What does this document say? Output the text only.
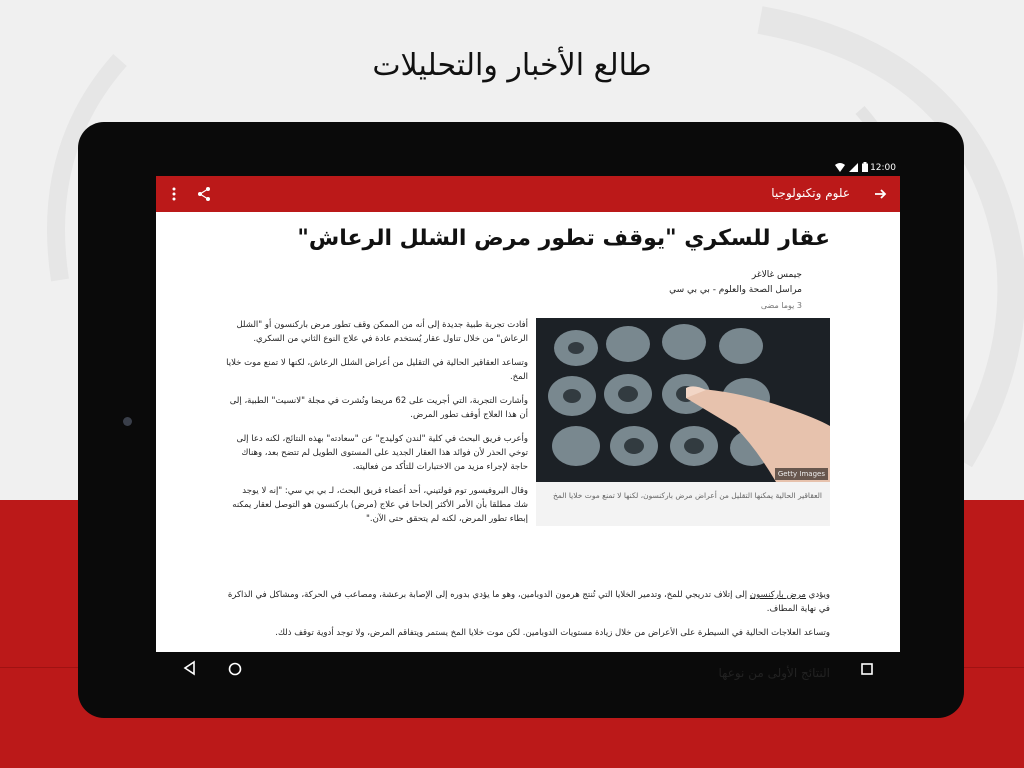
طالع الأخبار والتحليلات
12:00
علوم وتكنولوجيا
عقار للسكري "يوقف تطور مرض الشلل الرعاش"
جيمس غالاغر
مراسل الصحة والعلوم - بي بي سي
3 يوما مضى
Getty Images
العقاقير الحالية يمكنها التقليل من أعراض مرض باركنسون، لكنها لا تمنع موت خلايا المخ

أفادت تجربة طبية جديدة إلى أنه من الممكن وقف تطور مرض باركنسون أو "الشلل الرعاش" من خلال تناول عقار يُستخدم عادة في علاج النوع الثاني من السكري.

وتساعد العقاقير الحالية في التقليل من أعراض الشلل الرعاش، لكنها لا تمنع موت خلايا المخ.

وأشارت التجربة، التي أجريت على 62 مريضا ونُشرت في مجلة "لانسيت" الطبية، إلى أن هذا العلاج أوقف تطور المرض.

وأعرب فريق البحث في كلية "لندن كوليدج" عن "سعادته" بهذه النتائج، لكنه دعا إلى توخي الحذر لأن فوائد هذا العقار الجديد على المستوى الطويل لم تتضح بعد، وهناك حاجة لإجراء مزيد من الاختبارات للتأكد من فعاليته.

وقال البروفيسور توم فولتيني، أحد أعضاء فريق البحث، لـ بي بي سي: "إنه لا يوجد شك مطلقا بأن الأمر الأكثر إلحاحا في علاج (مرض) باركنسون هو التوصل لعقار يمكنه إبطاء تطور المرض، لكنه لم يتحقق حتى الآن."

ويؤدي مرض باركنسون إلى إتلاف تدريجي للمخ، وتدمير الخلايا التي تُنتج هرمون الدوبامين، وهو ما يؤدي بدوره إلى الإصابة برعشة، ومصاعب في الحركة، ومشاكل في الذاكرة في نهاية المطاف.

وتساعد العلاجات الحالية في السيطرة على الأعراض من خلال زيادة مستويات الدوبامين. لكن موت خلايا المخ يستمر ويتفاقم المرض، ولا توجد أدوية توقف ذلك.

النتائج الأولى من نوعها
